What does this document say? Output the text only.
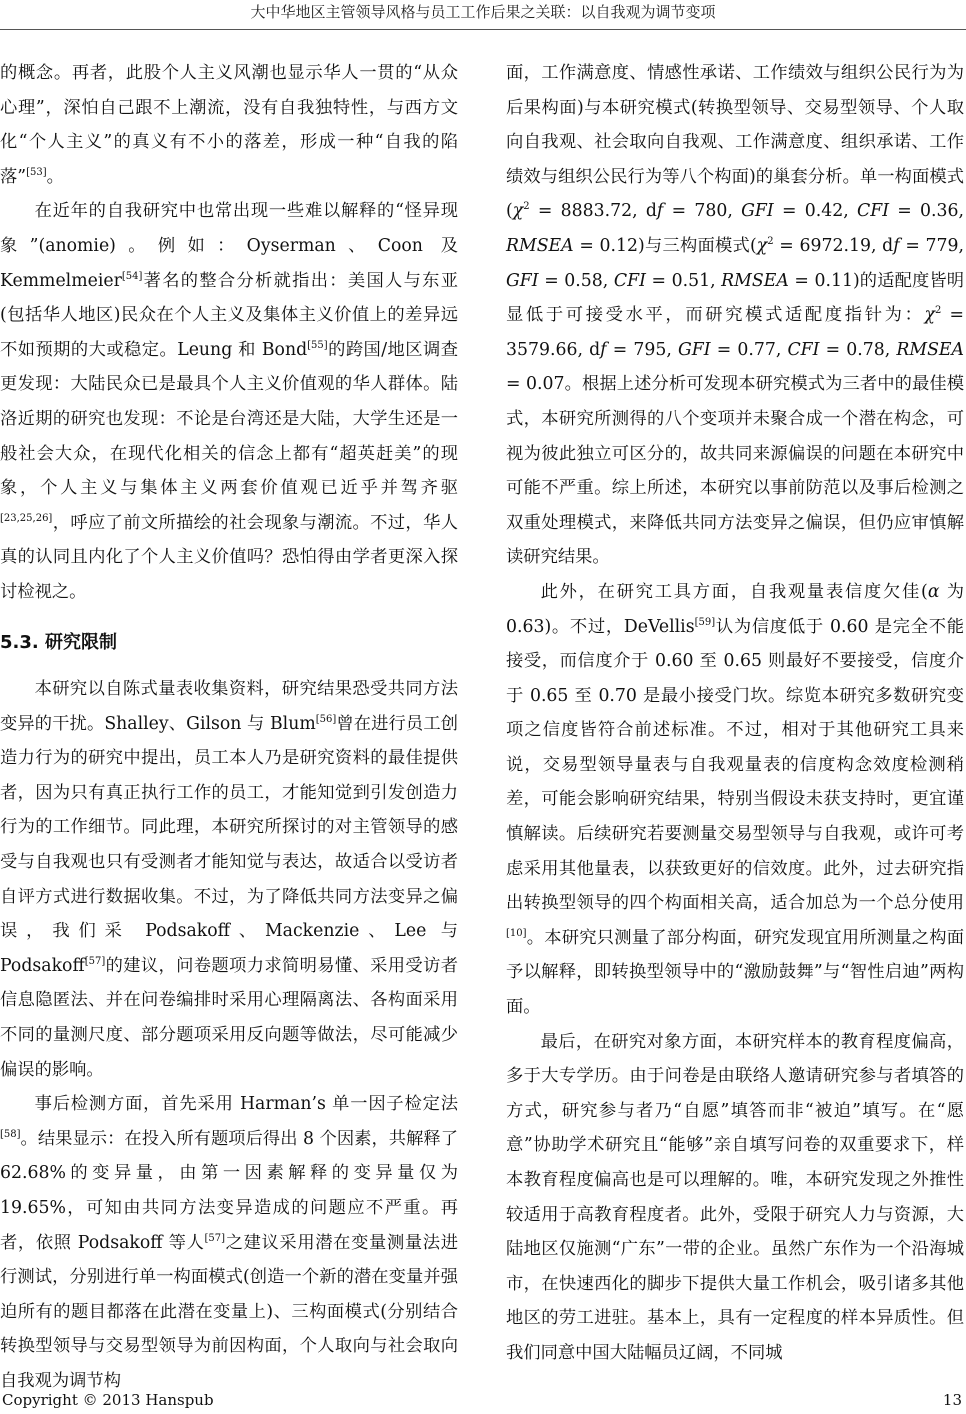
大中华地区主管领导风格与员工工作后果之关联：以自我观为调节变项

的概念。再者，此股个人主义风潮也显示华人一贯的“从众心理”，深怕自己跟不上潮流，没有自我独特性，与西方文化“个人主义”的真义有不小的落差，形成一种“自我的陷落”[53]。

在近年的自我研究中也常出现一些难以解释的“怪异现象”(anomie)。例如：Oyserman、Coon 及 Kemmelmeier[54]著名的整合分析就指出：美国人与东亚(包括华人地区)民众在个人主义及集体主义价值上的差异远不如预期的大或稳定。Leung 和 Bond[55]的跨国/地区调查更发现：大陆民众已是最具个人主义价值观的华人群体。陆洛近期的研究也发现：不论是台湾还是大陆，大学生还是一般社会大众，在现代化相关的信念上都有“超英赶美”的现象，个人主义与集体主义两套价值观已近乎并驾齐驱[23,25,26]，呼应了前文所描绘的社会现象与潮流。不过，华人真的认同且内化了个人主义价值吗？恐怕得由学者更深入探讨检视之。

5.3. 研究限制

本研究以自陈式量表收集资料，研究结果恐受共同方法变异的干扰。Shalley、Gilson 与 Blum[56]曾在进行员工创造力行为的研究中提出，员工本人乃是研究资料的最佳提供者，因为只有真正执行工作的员工，才能知觉到引发创造力行为的工作细节。同此理，本研究所探讨的对主管领导的感受与自我观也只有受测者才能知觉与表达，故适合以受访者自评方式进行数据收集。不过，为了降低共同方法变异之偏误，我们采 Podsakoff、Mackenzie、Lee 与 Podsakoff[57]的建议，问卷题项力求简明易懂、采用受访者信息隐匿法、并在问卷编排时采用心理隔离法、各构面采用不同的量测尺度、部分题项采用反向题等做法，尽可能减少偏误的影响。

事后检测方面，首先采用 Harman’s 单一因子检定法[58]。结果显示：在投入所有题项后得出 8 个因素，共解释了 62.68%的变异量，由第一因素解释的变异量仅为 19.65%，可知由共同方法变异造成的问题应不严重。再者，依照 Podsakoff 等人[57]之建议采用潜在变量测量法进行测试，分别进行单一构面模式(创造一个新的潜在变量并强迫所有的题目都落在此潜在变量上)、三构面模式(分别结合转换型领导与交易型领导为前因构面，个人取向与社会取向自我观为调节构

面，工作满意度、情感性承诺、工作绩效与组织公民行为为后果构面)与本研究模式(转换型领导、交易型领导、个人取向自我观、社会取向自我观、工作满意度、组织承诺、工作绩效与组织公民行为等八个构面)的巢套分析。单一构面模式($\chi^2 = 8883.72$, df = 780, GFI = 0.42, CFI = 0.36, RMSEA = 0.12)与三构面模式($\chi^2 = 6972.19$, df = 779, GFI = 0.58, CFI = 0.51, RMSEA = 0.11)的适配度皆明显低于可接受水平，而研究模式适配度指针为：$\chi^2 = 3579.66$, df = 795, GFI = 0.77, CFI = 0.78, RMSEA = 0.07。根据上述分析可发现本研究模式为三者中的最佳模式，本研究所测得的八个变项并未聚合成一个潜在构念，可视为彼此独立可区分的，故共同来源偏误的问题在本研究中可能不严重。综上所述，本研究以事前防范以及事后检测之双重处理模式，来降低共同方法变异之偏误，但仍应审慎解读研究结果。

此外，在研究工具方面，自我观量表信度欠佳(α 为 0.63)。不过，DeVellis[59]认为信度低于 0.60 是完全不能接受，而信度介于 0.60 至 0.65 则最好不要接受，信度介于 0.65 至 0.70 是最小接受门坎。综览本研究多数研究变项之信度皆符合前述标准。不过，相对于其他研究工具来说，交易型领导量表与自我观量表的信度构念效度检测稍差，可能会影响研究结果，特别当假设未获支持时，更宜谨慎解读。后续研究若要测量交易型领导与自我观，或许可考虑采用其他量表，以获致更好的信效度。此外，过去研究指出转换型领导的四个构面相关高，适合加总为一个总分使用[10]。本研究只测量了部分构面，研究发现宜用所测量之构面予以解释，即转换型领导中的“激励鼓舞”与“智性启迪”两构面。

最后，在研究对象方面，本研究样本的教育程度偏高，多于大专学历。由于问卷是由联络人邀请研究参与者填答的方式，研究参与者乃“自愿”填答而非“被迫”填写。在“愿意”协助学术研究且“能够”亲自填写问卷的双重要求下，样本教育程度偏高也是可以理解的。唯，本研究发现之外推性较适用于高教育程度者。此外，受限于研究人力与资源，大陆地区仅施测“广东”一带的企业。虽然广东作为一个沿海城市，在快速西化的脚步下提供大量工作机会，吸引诸多其他地区的劳工进驻。基本上，具有一定程度的样本异质性。但我们同意中国大陆幅员辽阔，不同城

Copyright © 2013 Hanspub	13
